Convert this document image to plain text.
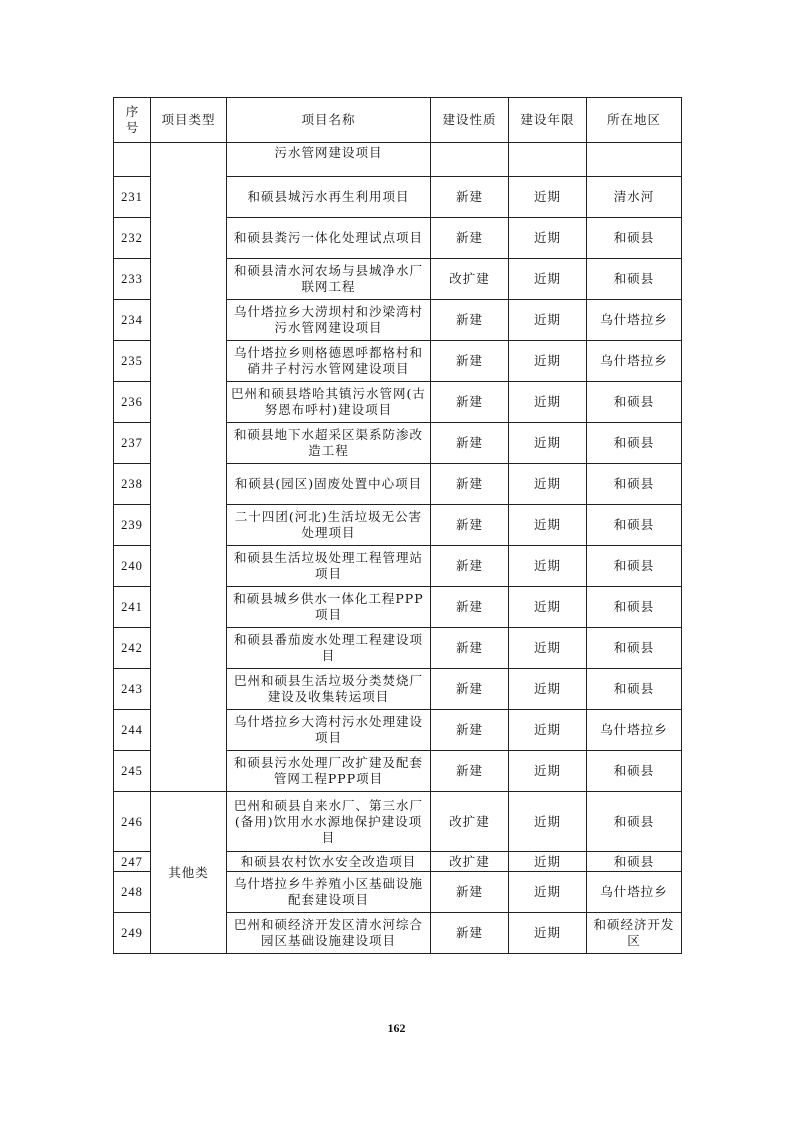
序号	项目类型	项目名称	建设性质	建设年限	所在地区
		污水管网建设项目			
231		和硕县城污水再生利用项目	新建	近期	清水河
232		和硕县粪污一体化处理试点项目	新建	近期	和硕县
233		和硕县清水河农场与县城净水厂联网工程	改扩建	近期	和硕县
234		乌什塔拉乡大涝坝村和沙梁湾村污水管网建设项目	新建	近期	乌什塔拉乡
235		乌什塔拉乡则格德恩呼都格村和硝井子村污水管网建设项目	新建	近期	乌什塔拉乡
236		巴州和硕县塔哈其镇污水管网(古努恩布呼村)建设项目	新建	近期	和硕县
237		和硕县地下水超采区渠系防渗改造工程	新建	近期	和硕县
238		和硕县(园区)固废处置中心项目	新建	近期	和硕县
239		二十四团(河北)生活垃圾无公害处理项目	新建	近期	和硕县
240		和硕县生活垃圾处理工程管理站项目	新建	近期	和硕县
241		和硕县城乡供水一体化工程PPP项目	新建	近期	和硕县
242		和硕县番茄废水处理工程建设项目	新建	近期	和硕县
243		巴州和硕县生活垃圾分类焚烧厂建设及收集转运项目	新建	近期	和硕县
244		乌什塔拉乡大湾村污水处理建设项目	新建	近期	乌什塔拉乡
245		和硕县污水处理厂改扩建及配套管网工程PPP项目	新建	近期	和硕县
246	其他类	巴州和硕县自来水厂、第三水厂(备用)饮用水水源地保护建设项目	改扩建	近期	和硕县
247		和硕县农村饮水安全改造项目	改扩建	近期	和硕县
248		乌什塔拉乡牛养殖小区基础设施配套建设项目	新建	近期	乌什塔拉乡
249		巴州和硕经济开发区清水河综合园区基础设施建设项目	新建	近期	和硕经济开发区
162
